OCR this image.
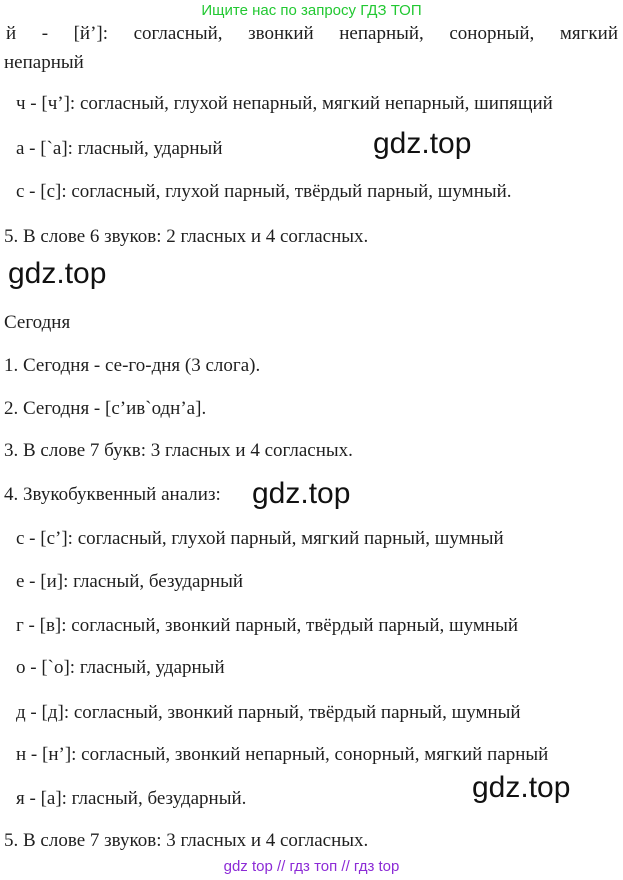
Ищите нас по запросу ГДЗ ТОП
й - [й’]: согласный, звонкий непарный, сонорный, мягкий
непарный
ч - [ч’]: согласный, глухой непарный, мягкий непарный, шипящий
а - [`а]: гласный, ударный
с - [с]: согласный, глухой парный, твёрдый парный, шумный.
5. В слове 6 звуков: 2 гласных и 4 согласных.
Сегодня
1. Сегодня - се-го-дня (3 слога).
2. Сегодня - [с’ив`одн’а].
3. В слове 7 букв: 3 гласных и 4 согласных.
4. Звукобуквенный анализ:
с - [с’]: согласный, глухой парный, мягкий парный, шумный
е - [и]: гласный, безударный
г - [в]: согласный, звонкий парный, твёрдый парный, шумный
о - [`о]: гласный, ударный
д - [д]: согласный, звонкий парный, твёрдый парный, шумный
н - [н’]: согласный, звонкий непарный, сонорный, мягкий парный
я - [а]: гласный, безударный.
5. В слове 7 звуков: 3 гласных и 4 согласных.
gdz.top
gdz.top
gdz.top
gdz.top
gdz top // гдз топ // гдз top
